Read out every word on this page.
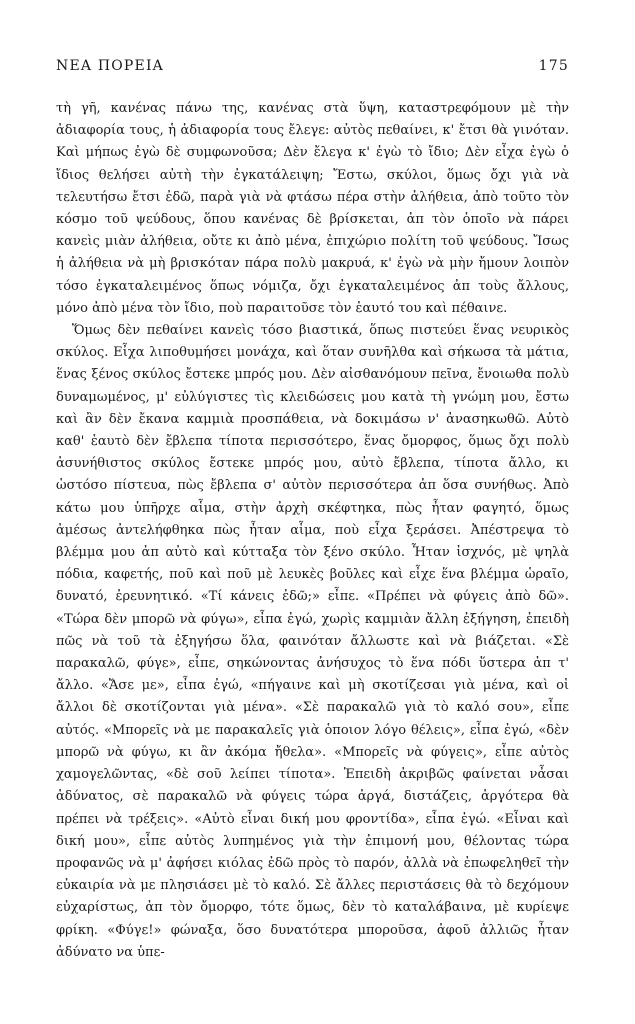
ΝΕΑ ΠΟΡΕΙΑ	175

τὴ γῆ, κανένας πάνω της, κανένας στὰ ὕψη, καταστρεφόμουν μὲ τὴν ἀδιαφορία τους, ἡ ἀδιαφορία τους ἔλεγε: αὐτὸς πεθαίνει, κ' ἔτσι θὰ γινόταν. Καὶ μήπως ἐγὼ δὲ συμφωνοῦσα; Δὲν ἔλεγα κ' ἐγὼ τὸ ἴδιο; Δὲν εἶχα ἐγὼ ὁ ἴδιος θελήσει αὐτὴ τὴν ἐγκατάλειψη; Ἔστω, σκύλοι, ὅμως ὄχι γιὰ νὰ τελευτήσω ἔτσι ἐδῶ, παρὰ γιὰ νὰ φτάσω πέρα στὴν ἀλήθεια, ἀπὸ τοῦτο τὸν κόσμο τοῦ ψεύδους, ὅπου κανένας δὲ βρίσκεται, ἀπ τὸν ὁποῖο νὰ πάρει κανεὶς μιὰν ἀλήθεια, οὔτε κι ἀπὸ μένα, ἐπιχώριο πολίτη τοῦ ψεύδους. Ἴσως ἡ ἀλήθεια νὰ μὴ βρισκόταν πάρα πολὺ μακρυά, κ' ἐγὼ νὰ μὴν ἤμουν λοιπὸν τόσο ἐγκαταλειμένος ὅπως νόμιζα, ὄχι ἐγκαταλειμένος ἀπ τοὺς ἄλλους, μόνο ἀπὸ μένα τὸν ἴδιο, ποὺ παραιτοῦσε τὸν ἑαυτό του καὶ πέθαινε.

Ὅμως δὲν πεθαίνει κανεὶς τόσο βιαστικά, ὅπως πιστεύει ἕνας νευρικὸς σκύλος. Εἶχα λιποθυμήσει μονάχα, καὶ ὅταν συνῆλθα καὶ σήκωσα τὰ μάτια, ἕνας ξένος σκύλος ἔστεκε μπρός μου. Δὲν αἰσθανόμουν πεῖνα, ἔνοιωθα πολὺ δυναμωμένος, μ' εὐλύγιστες τὶς κλειδώσεις μου κατὰ τὴ γνώμη μου, ἔστω καὶ ἂν δὲν ἔκανα καμμιὰ προσπάθεια, νὰ δοκιμάσω ν' ἀνασηκωθῶ. Αὐτὸ καθ' ἑαυτὸ δὲν ἔβλεπα τίποτα περισσότερο, ἕνας ὄμορφος, ὅμως ὄχι πολὺ ἀσυνήθιστος σκύλος ἔστεκε μπρός μου, αὐτὸ ἔβλεπα, τίποτα ἄλλο, κι ὡστόσο πίστευα, πὼς ἔβλεπα σ' αὐτὸν περισσότερα ἀπ ὅσα συνήθως. Ἀπὸ κάτω μου ὑπῆρχε αἷμα, στὴν ἀρχὴ σκέφτηκα, πὼς ἦταν φαγητό, ὅμως ἀμέσως ἀντελήφθηκα πὼς ἦταν αἷμα, ποὺ εἶχα ξεράσει. Ἀπέστρεψα τὸ βλέμμα μου ἀπ αὐτὸ καὶ κύτταξα τὸν ξένο σκύλο. Ἦταν ἰσχνός, μὲ ψηλὰ πόδια, καφετής, ποῦ καὶ ποῦ μὲ λευκὲς βοῦλες καὶ εἶχε ἕνα βλέμμα ὡραῖο, δυνατό, ἐρευνητικό. «Τί κάνεις ἐδῶ;» εἶπε. «Πρέπει νὰ φύγεις ἀπὸ δῶ». «Τώρα δὲν μπορῶ νὰ φύγω», εἶπα ἐγώ, χωρὶς καμμιὰν ἄλλη ἐξήγηση, ἐπειδὴ πῶς νὰ τοῦ τὰ ἐξηγήσω ὅλα, φαινόταν ἄλλωστε καὶ νὰ βιάζεται. «Σὲ παρακαλῶ, φύγε», εἶπε, σηκώνοντας ἀνήσυχος τὸ ἕνα πόδι ὕστερα ἀπ τ' ἄλλο. «Ἄσε με», εἶπα ἐγώ, «πήγαινε καὶ μὴ σκοτίζεσαι γιὰ μένα, καὶ οἱ ἄλλοι δὲ σκοτίζονται γιὰ μένα». «Σὲ παρακαλῶ γιὰ τὸ καλό σου», εἶπε αὐτός. «Μπορεῖς νὰ με παρακαλεῖς γιὰ ὁποιον λόγο θέλεις», εἶπα ἐγώ, «δὲν μπορῶ νὰ φύγω, κι ἂν ἀκόμα ἤθελα». «Μπορεῖς νὰ φύγεις», εἶπε αὐτὸς χαμογελῶντας, «δὲ σοῦ λείπει τίποτα». Ἐπειδὴ ἀκριβῶς φαίνεται νἆσαι ἀδύνατος, σὲ παρακαλῶ νὰ φύγεις τώρα ἀργά, διστάζεις, ἀργότερα θὰ πρέπει νὰ τρέξεις». «Αὐτὸ εἶναι δική μου φροντίδα», εἶπα ἐγώ. «Εἶναι καὶ δική μου», εἶπε αὐτὸς λυπημένος γιὰ τὴν ἐπιμονή μου, θέλοντας τώρα προφανῶς νὰ μ' ἀφήσει κιόλας ἐδῶ πρὸς τὸ παρόν, ἀλλὰ νὰ ἐπωφεληθεῖ τὴν εὐκαιρία νὰ με πλησιάσει μὲ τὸ καλό. Σὲ ἄλλες περιστάσεις θὰ τὸ δεχόμουν εὐχαρίστως, ἀπ τὸν ὄμορφο, τότε ὅμως, δὲν τὸ καταλάβαινα, μὲ κυρίεψε φρίκη. «Φύγε!» φώναξα, ὅσο δυνατότερα μποροῦσα, ἀφοῦ ἀλλιῶς ἦταν ἀδύνατο να ὑπε-
